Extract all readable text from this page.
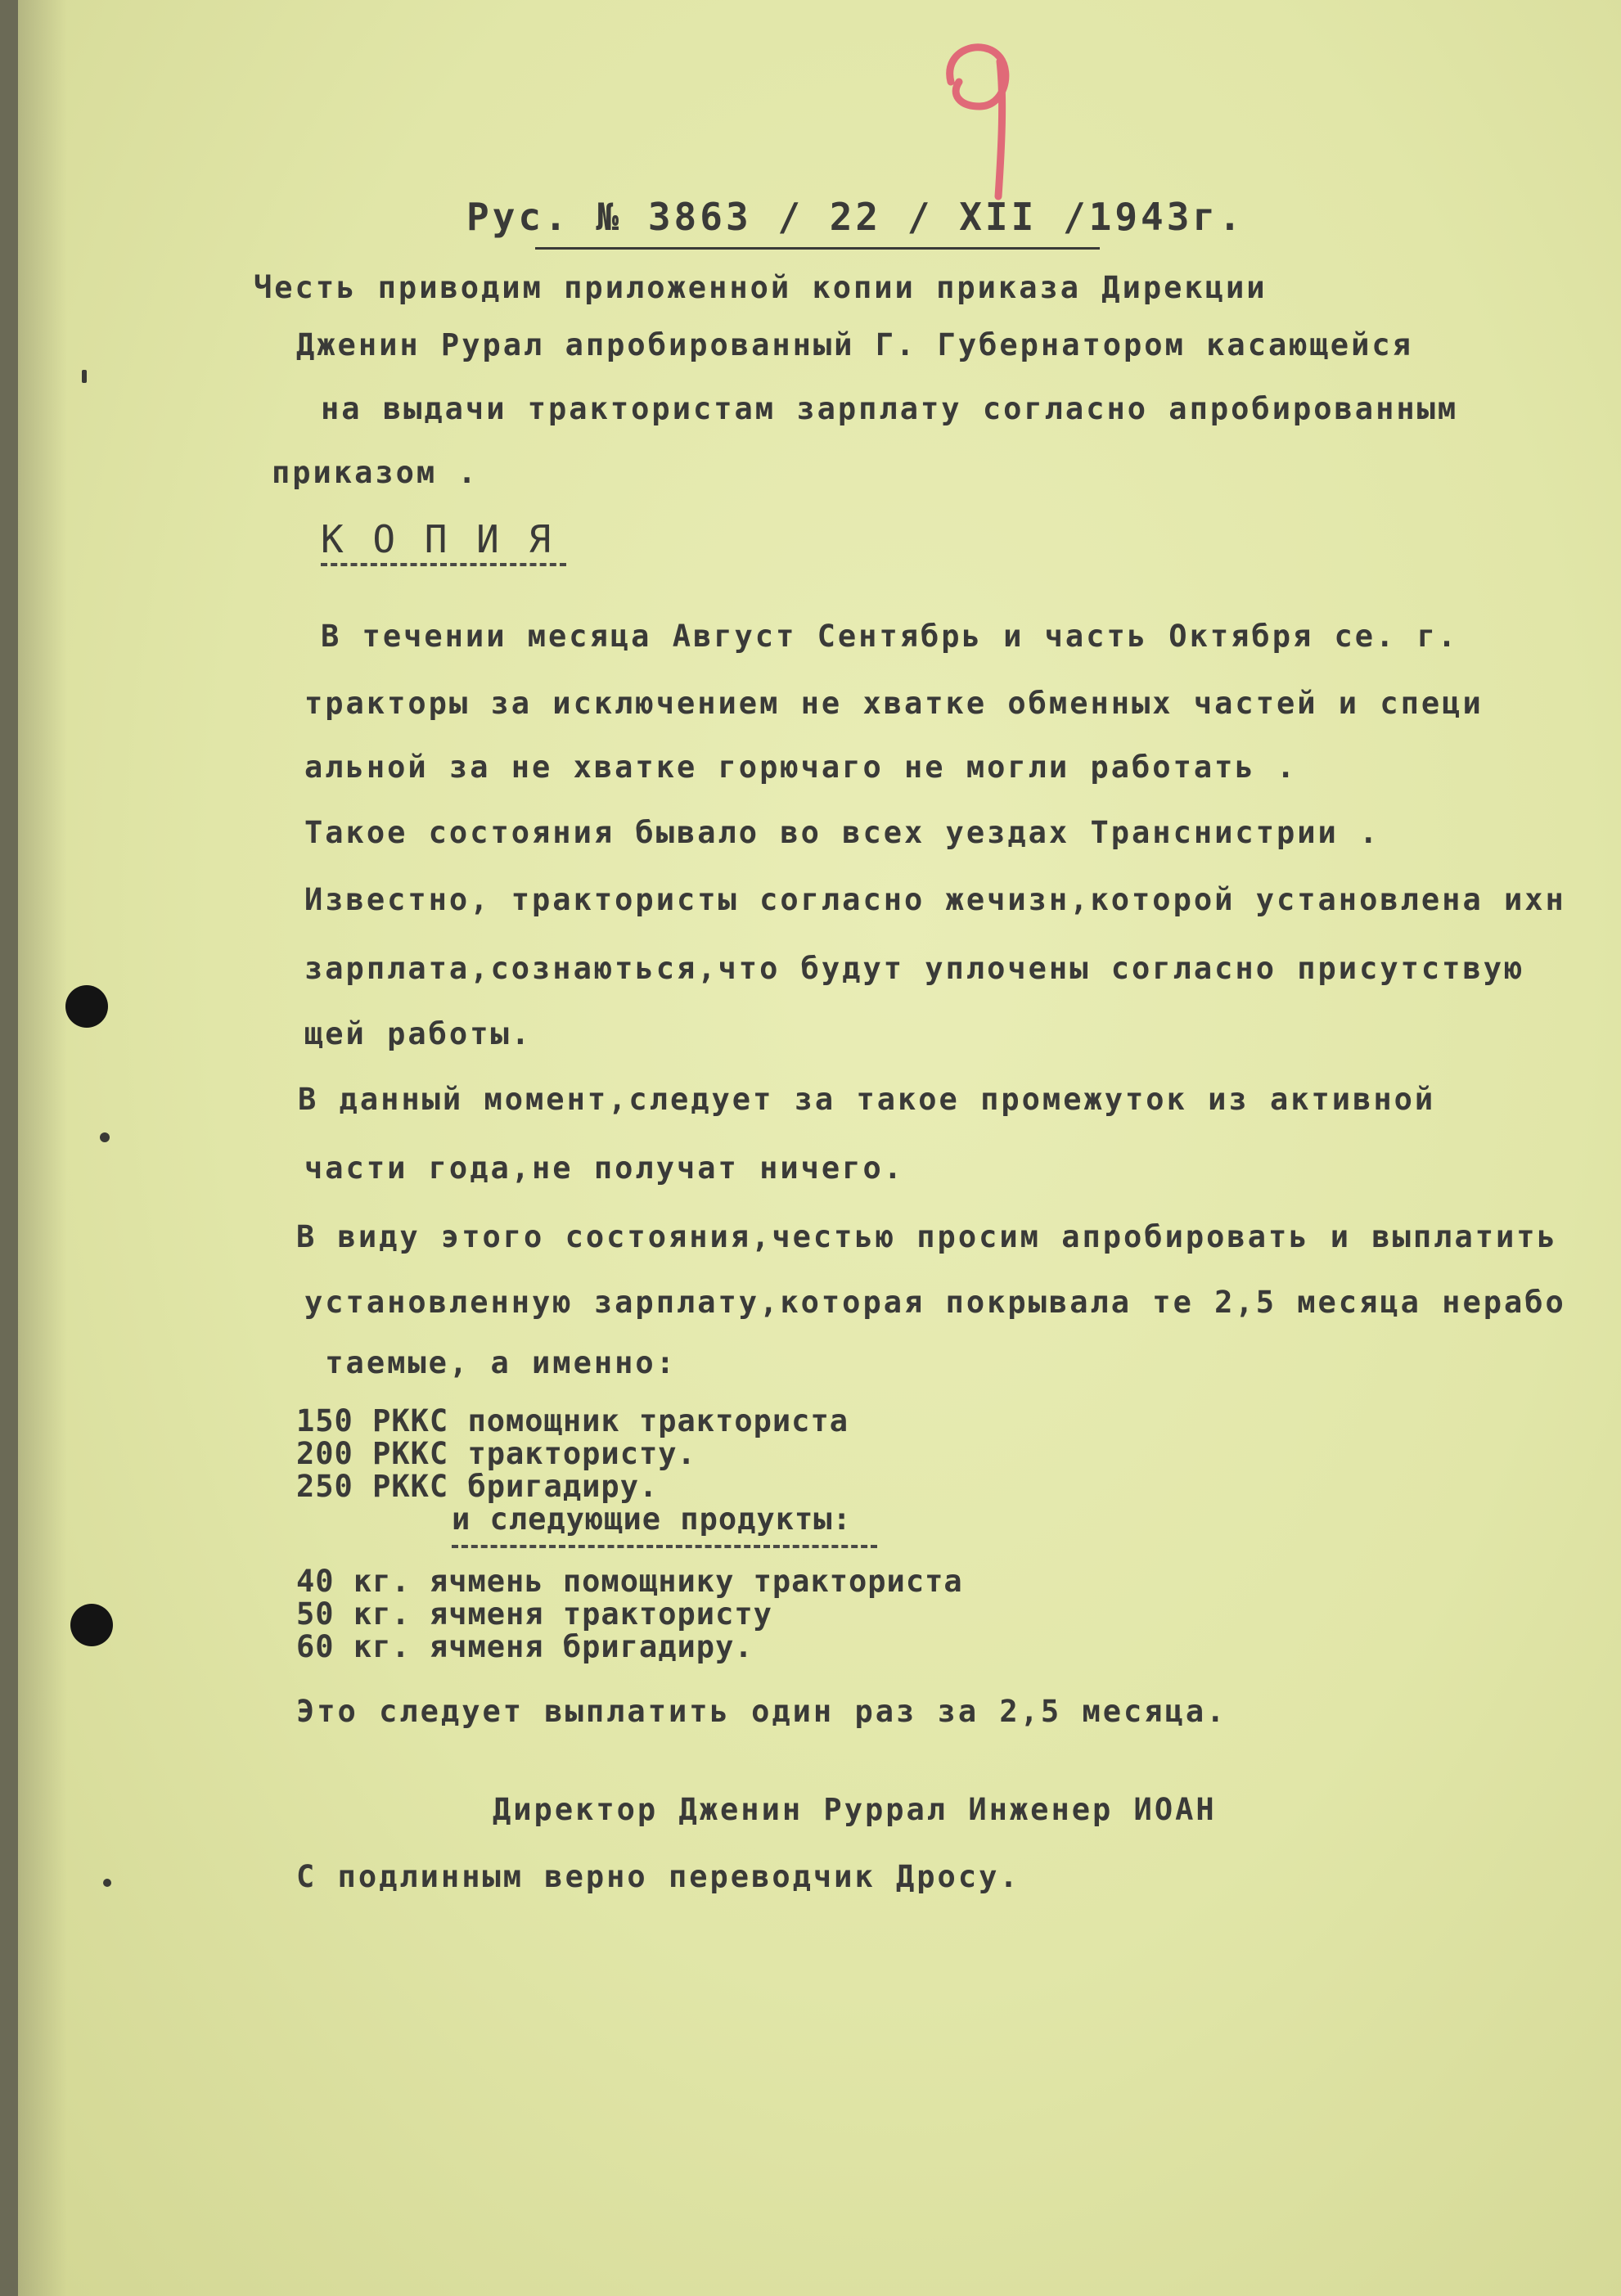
Рус. № 3863 / 22 / XII /1943г.

Честь приводим приложенной копии приказа Дирекции

Дженин Рурал апробированный Г. Губернатором касающейся

на выдачи трактористам зарплату согласно апробированным

приказом .

К О П И Я

В течении месяца Август Сентябрь и часть Октября се. г.

тракторы за исключением не хватке обменных частей и специ

альной за не хватке горючаго не могли работать .

Такое состояния бывало во всех уездах Транснистрии .

Известно, трактористы согласно жечизн,которой установлена ихн

зарплата,сознаються,что будут уплочены согласно присутствую

щей работы.

В данный момент,следует за такое промежуток из активной

части года,не получат ничего.

В виду этого состояния,честью просим апробировать и выплатить

установленную зарплату,которая покрывала те 2,5 месяца нерабо

таемые, а именно:

150 РККС помощник тракториста

200 РККС трактористу.

250 РККС бригадиру.

и следующие продукты:

40 кг. ячмень помощнику тракториста

50 кг. ячменя трактористу

60 кг. ячменя бригадиру.

Это следует выплатить один раз за 2,5 месяца.

Директор Дженин Руррал Инженер ИОАН

С подлинным верно переводчик Дросу.
